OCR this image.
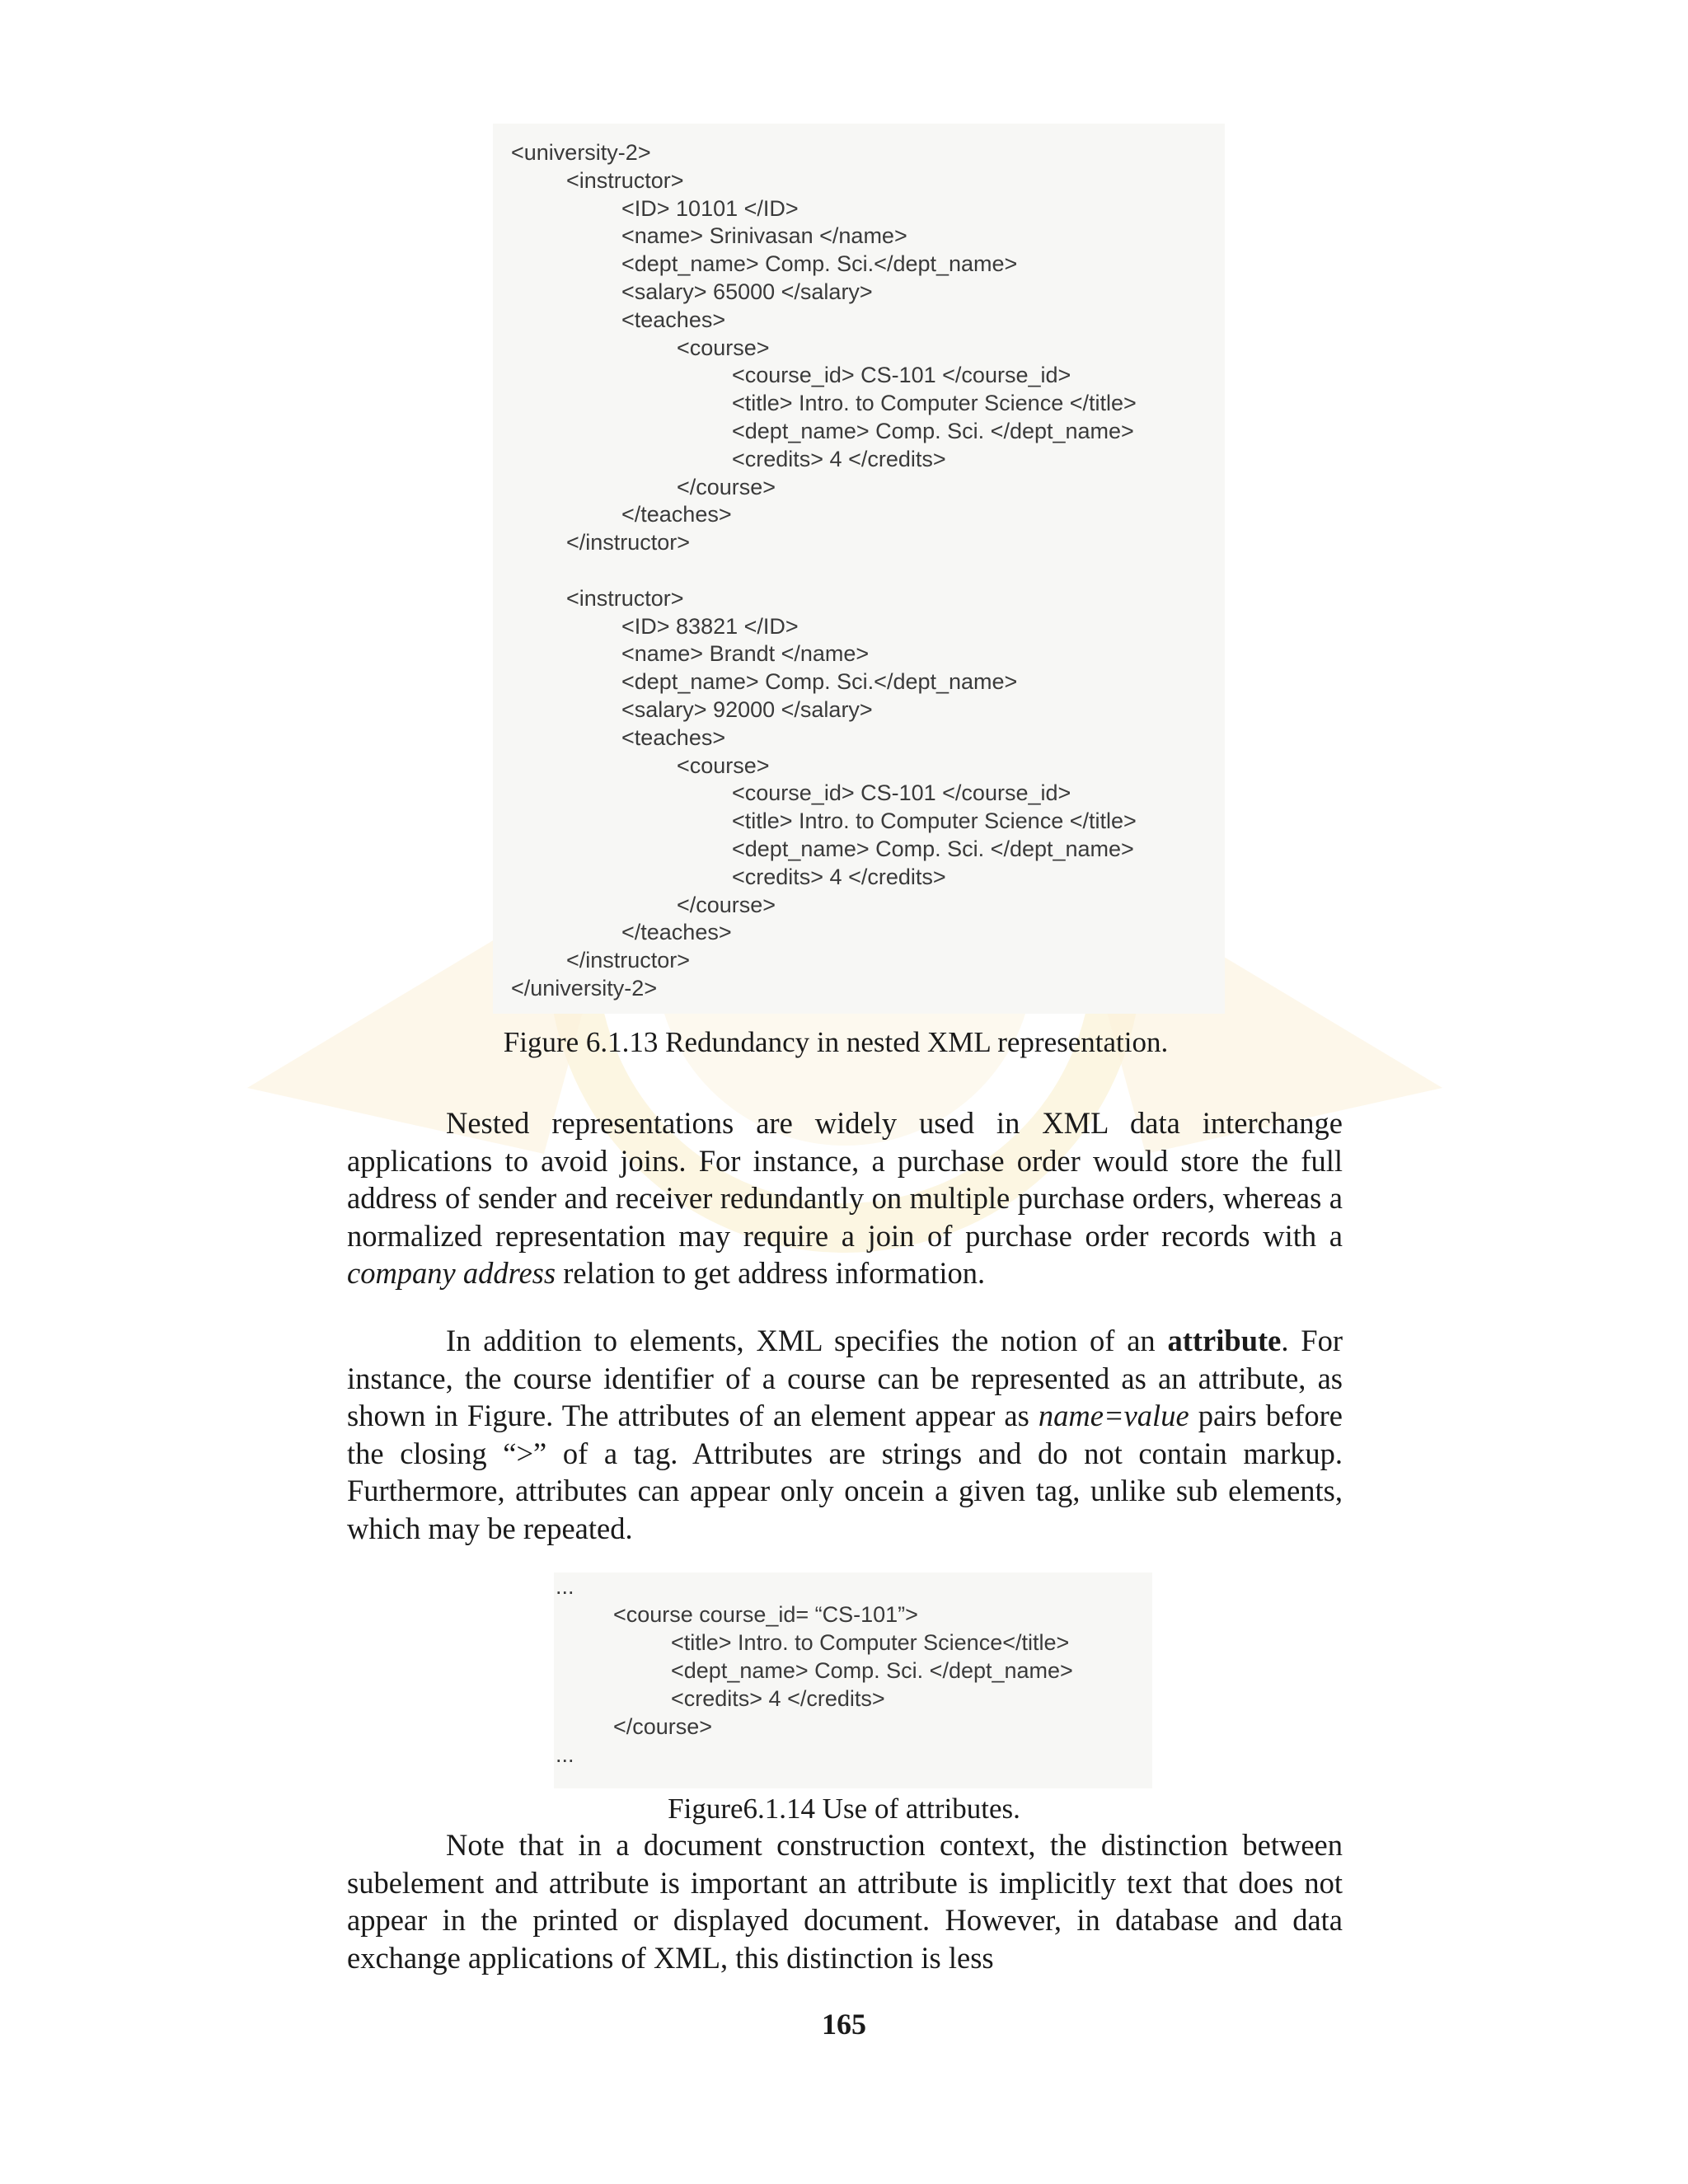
<university-2>
<instructor>
<ID> 10101 </ID>
<name> Srinivasan </name>
<dept_name> Comp. Sci.</dept_name>
<salary> 65000 </salary>
<teaches>
<course>
<course_id> CS-101 </course_id>
<title> Intro. to Computer Science </title>
<dept_name> Comp. Sci. </dept_name>
<credits> 4 </credits>
</course>
</teaches>
</instructor>
<instructor>
<ID> 83821 </ID>
<name> Brandt </name>
<dept_name> Comp. Sci.</dept_name>
<salary> 92000 </salary>
<teaches>
<course>
<course_id> CS-101 </course_id>
<title> Intro. to Computer Science </title>
<dept_name> Comp. Sci. </dept_name>
<credits> 4 </credits>
</course>
</teaches>
</instructor>
</university-2>
Figure 6.1.13 Redundancy in nested XML representation.
Nested representations are widely used in XML data interchange applications to avoid joins. For instance, a purchase order would store the full address of sender and receiver redundantly on multiple purchase orders, whereas a normalized representation may require a join of purchase order records with a company address relation to get address information.
In addition to elements, XML specifies the notion of an attribute. For instance, the course identifier of a course can be represented as an attribute, as shown in Figure. The attributes of an element appear as name=value pairs before the closing “>” of a tag. Attributes are strings and do not contain markup. Furthermore, attributes can appear only oncein a given tag, unlike sub elements, which may be repeated.
...
<course course_id= “CS-101”>
<title> Intro. to Computer Science</title>
<dept_name> Comp. Sci. </dept_name>
<credits> 4 </credits>
</course>
...
Figure6.1.14 Use of attributes.
Note that in a document construction context, the distinction between subelement and attribute is important an attribute is implicitly text that does not appear in the printed or displayed document. However, in database and data exchange applications of XML, this distinction is less
165
